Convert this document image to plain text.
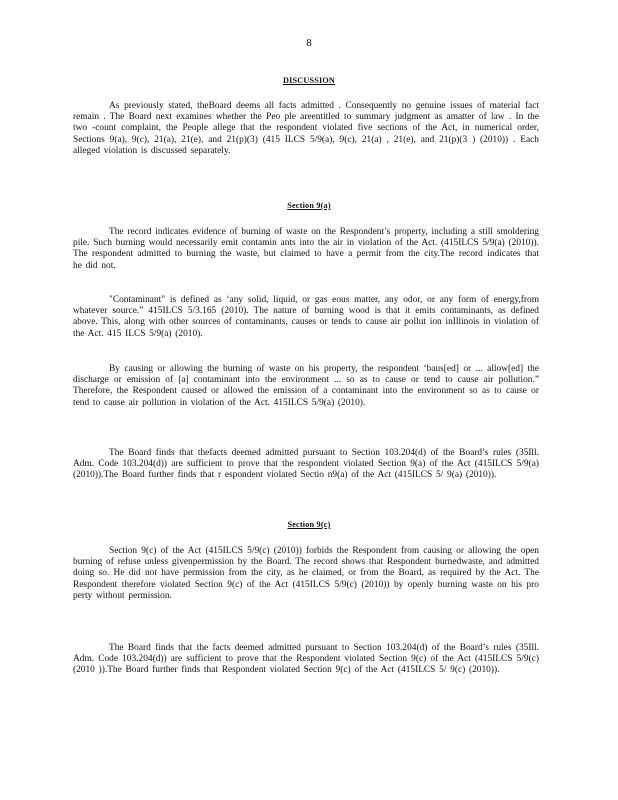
8
DISCUSSION

As previously stated, theBoard deems all facts admitted . Consequently no genuine issues of material fact remain . The Board next examines whether the Peo ple areentitled to summary judgment as amatter of law . In the two -count complaint, the People allege that the respondent violated five sections of the Act, in numerical order, Sections 9(a), 9(c), 21(a), 21(e), and 21(p)(3) (415 ILCS 5/9(a), 9(c), 21(a) , 21(e), and 21(p)(3 ) (2010)) . Each alleged violation is discussed separately.

Section 9(a)

The record indicates evidence of burning of waste on the Respondent’s property, including a still smoldering pile. Such burning would necessarily emit contamin ants into the air in violation of the Act. (415ILCS 5/9(a) (2010)). The respondent admitted to burning the waste, but claimed to have a permit from the city.The record indicates that he did not.

"Contaminant" is defined as ‘any solid, liquid, or gas eous matter, any odor, or any form of energy,from whatever source.” 415ILCS 5/3.165 (2010). The nature of burning wood is that it emits contaminants, as defined above. This, along with other sources of contaminants, causes or tends to cause air pollut ion inIllinois in violation of the Act. 415 ILCS 5/9(a) (2010).

By causing or allowing the burning of waste on his property, the respondent ‘baus[ed] or ... allow[ed] the discharge or emission of [a] contaminant into the environment ... so as to cause or tend to cause air pollution.” Therefore, the Respondent caused or allowed the emission of a contaminant into the environment so as to cause or tend to cause air pollution in violation of the Act. 415ILCS 5/9(a) (2010).

The Board finds that thefacts deemed admitted pursuant to Section 103.204(d) of the Board’s rules (35Ill. Adm. Code 103.204(d)) are sufficient to prove that the respondent violated Section 9(a) of the Act (415ILCS 5/9(a) (2010)).The Board further finds that r espondent violated Sectio n9(a) of the Act (415ILCS 5/ 9(a) (2010)).

Section 9(c)

Section 9(c) of the Act (415ILCS 5/9(c) (2010)) forbids the Respondent from causing or allowing the open burning of refuse unless givenpermission by the Board. The record shows that Respondent burnedwaste, and admitted doing so. He did not have permission from the city, as he claimed, or from the Board, as required by the Act. The Respondent therefore violated Section 9(c) of the Act (415ILCS 5/9(c) (2010)) by openly burning waste on his pro perty without permission.

The Board finds that the facts deemed admitted pursuant to Section 103.204(d) of the Board’s rules (35Ill. Adm. Code 103.204(d)) are sufficient to prove that the Respondent violated Section 9(c) of the Act (415ILCS 5/9(c) (2010 )).The Board further finds that Respondent violated Section 9(c) of the Act (415ILCS 5/ 9(c) (2010)).
